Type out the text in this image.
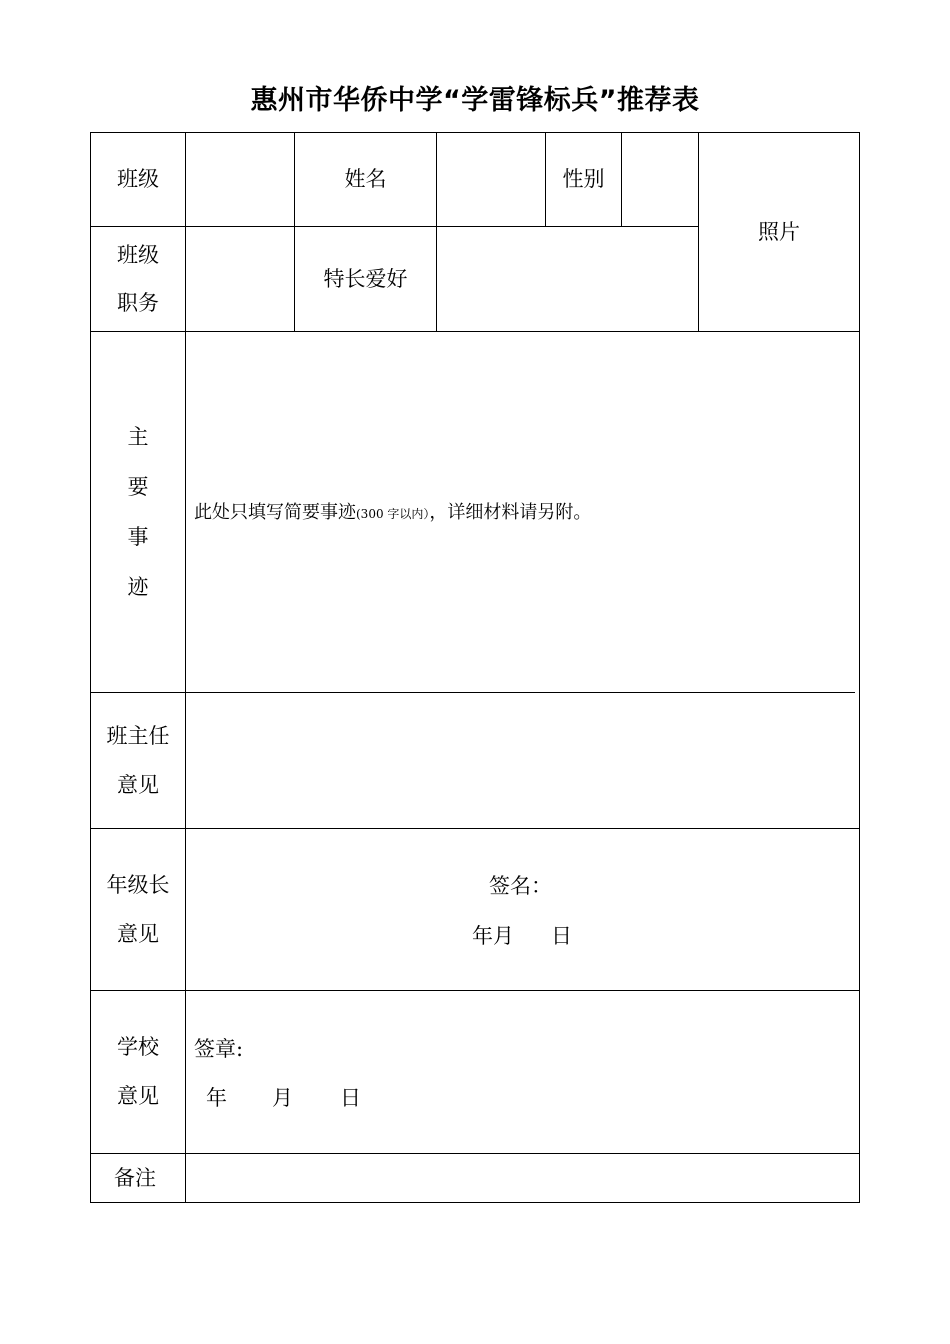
惠州市华侨中学“学雷锋标兵”推荐表
班级	姓名	性别
照片
班级
职务
特长爱好
主
要
事
迹
此处只填写简要事迹(300 字以内），详细材料请另附。
班主任
意见
年级长
意见
签名：
年月 日
学校
意见
签章:
年 月 日
备注
